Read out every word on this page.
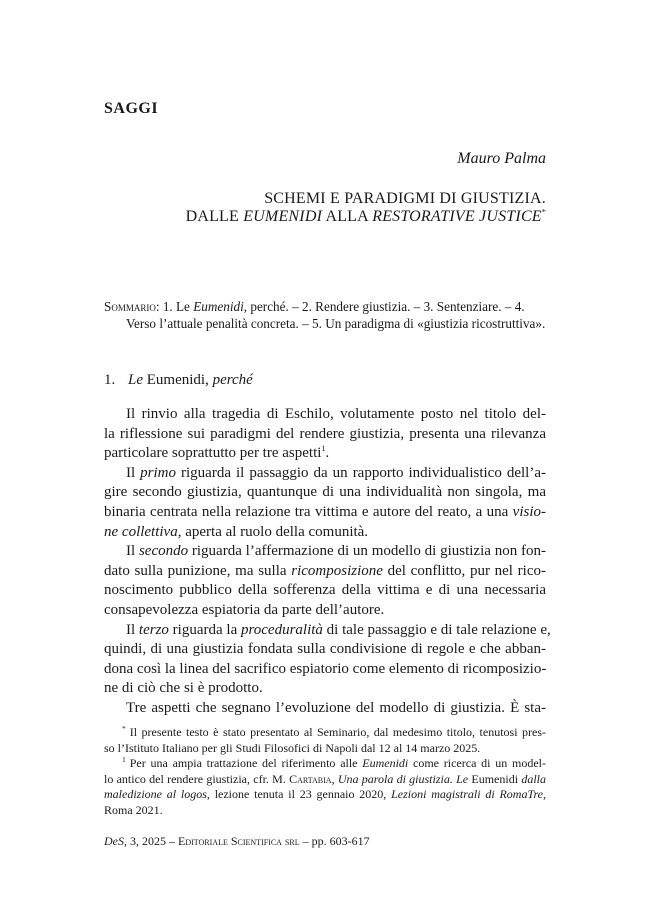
SAGGI
Mauro Palma
SCHEMI E PARADIGMI DI GIUSTIZIA.
DALLE EUMENIDI ALLA RESTORATIVE JUSTICE*
Sommario: 1. Le Eumenidi, perché. – 2. Rendere giustizia. – 3. Sentenziare. – 4.
Verso l’attuale penalità concreta. – 5. Un paradigma di «giustizia ricostruttiva».
1. Le Eumenidi, perché
Il rinvio alla tragedia di Eschilo, volutamente posto nel titolo del-
la riflessione sui paradigmi del rendere giustizia, presenta una rilevanza
particolare soprattutto per tre aspetti$^1$.
Il primo riguarda il passaggio da un rapporto individualistico dell’a-
gire secondo giustizia, quantunque di una individualità non singola, ma
binaria centrata nella relazione tra vittima e autore del reato, a una visio-
ne collettiva, aperta al ruolo della comunità.
Il secondo riguarda l’affermazione di un modello di giustizia non fon-
dato sulla punizione, ma sulla ricomposizione del conflitto, pur nel rico-
noscimento pubblico della sofferenza della vittima e di una necessaria
consapevolezza espiatoria da parte dell’autore.
Il terzo riguarda la proceduralità di tale passaggio e di tale relazione e,
quindi, di una giustizia fondata sulla condivisione di regole e che abban-
dona così la linea del sacrifico espiatorio come elemento di ricomposizio-
ne di ciò che si è prodotto.
Tre aspetti che segnano l’evoluzione del modello di giustizia. È sta-
* Il presente testo è stato presentato al Seminario, dal medesimo titolo, tenutosi pres-
so l’Istituto Italiano per gli Studi Filosofici di Napoli dal 12 al 14 marzo 2025.
$^1$ Per una ampia trattazione del riferimento alle Eumenidi come ricerca di un model-
lo antico del rendere giustizia, cfr. M. Cartabia, Una parola di giustizia. Le Eumenidi dalla
maledizione al logos, lezione tenuta il 23 gennaio 2020, Lezioni magistrali di RomaTre,
Roma 2021.
DeS, 3, 2025 – Editoriale Scientifica srl – pp. 603-617
